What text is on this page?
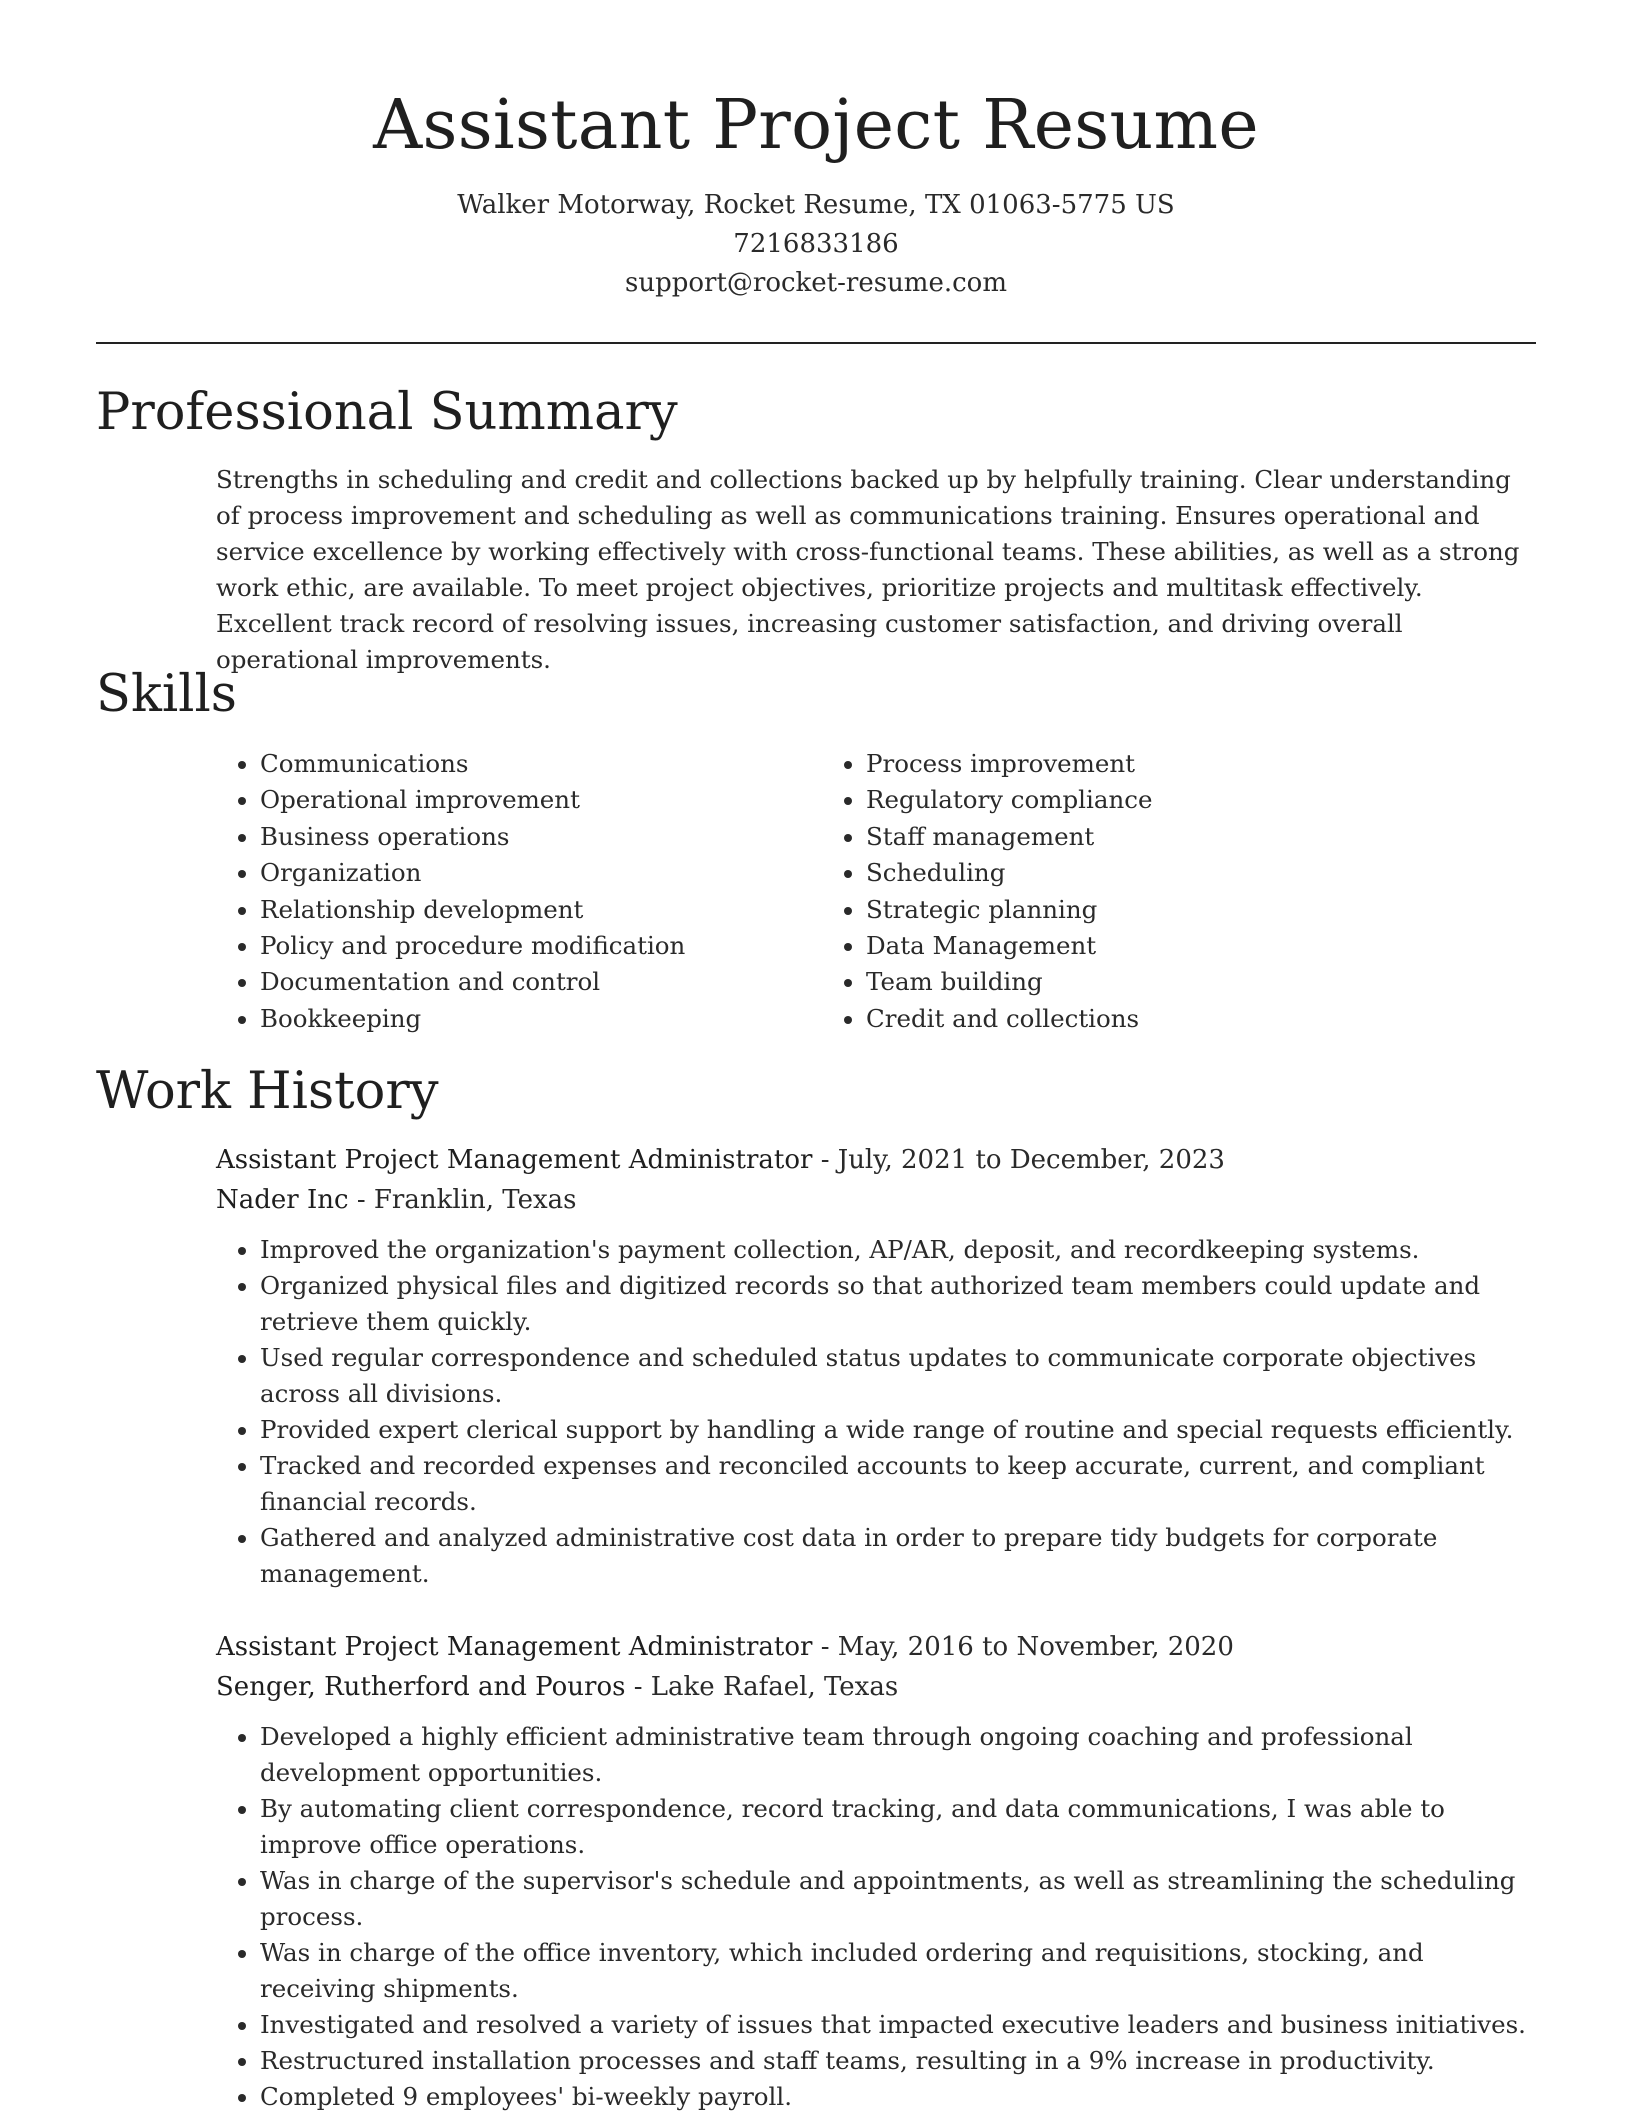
Assistant Project Resume
Walker Motorway, Rocket Resume, TX 01063-5775 US
7216833186
support@rocket-resume.com
Professional Summary

Strengths in scheduling and credit and collections backed up by helpfully training. Clear understanding of process improvement and scheduling as well as communications training. Ensures operational and service excellence by working effectively with cross-functional teams. These abilities, as well as a strong work ethic, are available. To meet project objectives, prioritize projects and multitask effectively. Excellent track record of resolving issues, increasing customer satisfaction, and driving overall operational improvements.

Skills
• Communications
• Operational improvement
• Business operations
• Organization
• Relationship development
• Policy and procedure modification
• Documentation and control
• Bookkeeping
• Process improvement
• Regulatory compliance
• Staff management
• Scheduling
• Strategic planning
• Data Management
• Team building
• Credit and collections
Work History

Assistant Project Management Administrator - July, 2021 to December, 2023

Nader Inc - Franklin, Texas

• Improved the organization's payment collection, AP/AR, deposit, and recordkeeping systems.
• Organized physical files and digitized records so that authorized team members could update and retrieve them quickly.
• Used regular correspondence and scheduled status updates to communicate corporate objectives across all divisions.
• Provided expert clerical support by handling a wide range of routine and special requests efficiently.
• Tracked and recorded expenses and reconciled accounts to keep accurate, current, and compliant financial records.
• Gathered and analyzed administrative cost data in order to prepare tidy budgets for corporate management.

Assistant Project Management Administrator - May, 2016 to November, 2020

Senger, Rutherford and Pouros - Lake Rafael, Texas

• Developed a highly efficient administrative team through ongoing coaching and professional development opportunities.
• By automating client correspondence, record tracking, and data communications, I was able to improve office operations.
• Was in charge of the supervisor's schedule and appointments, as well as streamlining the scheduling process.
• Was in charge of the office inventory, which included ordering and requisitions, stocking, and receiving shipments.
• Investigated and resolved a variety of issues that impacted executive leaders and business initiatives.
• Restructured installation processes and staff teams, resulting in a 9% increase in productivity.
• Completed 9 employees' bi-weekly payroll.
